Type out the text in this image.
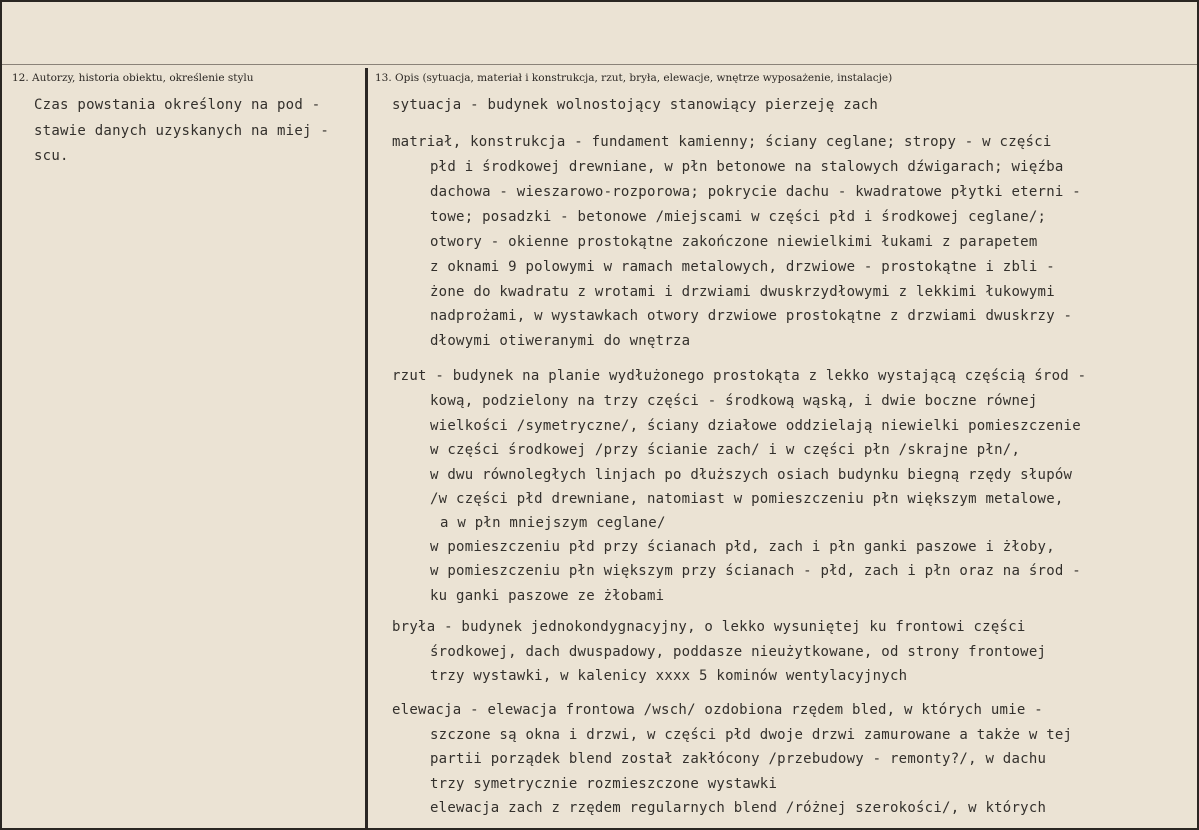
12. Autorzy, historia obiektu, określenie stylu	13. Opis (sytuacja, materiał i konstrukcja, rzut, bryła, elewacje, wnętrze wyposażenie, instalacje)
Czas powstania określony na pod -
stawie danych uzyskanych na miej -
scu.
sytuacja - budynek wolnostojący stanowiący pierzeję zach
matriał, konstrukcja - fundament kamienny; ściany ceglane; stropy - w części
płd i środkowej drewniane, w płn betonowe na stalowych dźwigarach; więźba
dachowa - wieszarowo-rozporowa; pokrycie dachu - kwadratowe płytki eterni -
towe; posadzki - betonowe /miejscami w części płd i środkowej ceglane/;
otwory - okienne prostokątne zakończone niewielkimi łukami z parapetem
z oknami 9 polowymi w ramach metalowych, drzwiowe - prostokątne i zbli -
żone do kwadratu z wrotami i drzwiami dwuskrzydłowymi z lekkimi łukowymi
nadprożami, w wystawkach otwory drzwiowe prostokątne z drzwiami dwuskrzy -
dłowymi otiweranymi do wnętrza
rzut - budynek na planie wydłużonego prostokąta z lekko wystającą częścią środ -
kową, podzielony na trzy części - środkową wąską, i dwie boczne równej
wielkości /symetryczne/, ściany działowe oddzielają niewielki pomieszczenie
w części środkowej /przy ścianie zach/ i w części płn /skrajne płn/,
w dwu równoległych linjach po dłuższych osiach budynku biegną rzędy słupów
/w części płd drewniane, natomiast w pomieszczeniu płn większym metalowe,
a w płn mniejszym ceglane/
w pomieszczeniu płd przy ścianach płd, zach i płn ganki paszowe i żłoby,
w pomieszczeniu płn większym przy ścianach - płd, zach i płn oraz na środ -
ku ganki paszowe ze żłobami
bryła - budynek jednokondygnacyjny, o lekko wysuniętej ku frontowi części
środkowej, dach dwuspadowy, poddasze nieużytkowane, od strony frontowej
trzy wystawki, w kalenicy xxxx 5 kominów wentylacyjnych
elewacja - elewacja frontowa /wsch/ ozdobiona rzędem bled, w których umie -
szczone są okna i drzwi, w części płd dwoje drzwi zamurowane a także w tej
partii porządek blend został zakłócony /przebudowy - remonty?/, w dachu
trzy symetrycznie rozmieszczone wystawki
elewacja zach z rzędem regularnych blend /różnej szerokości/, w których
